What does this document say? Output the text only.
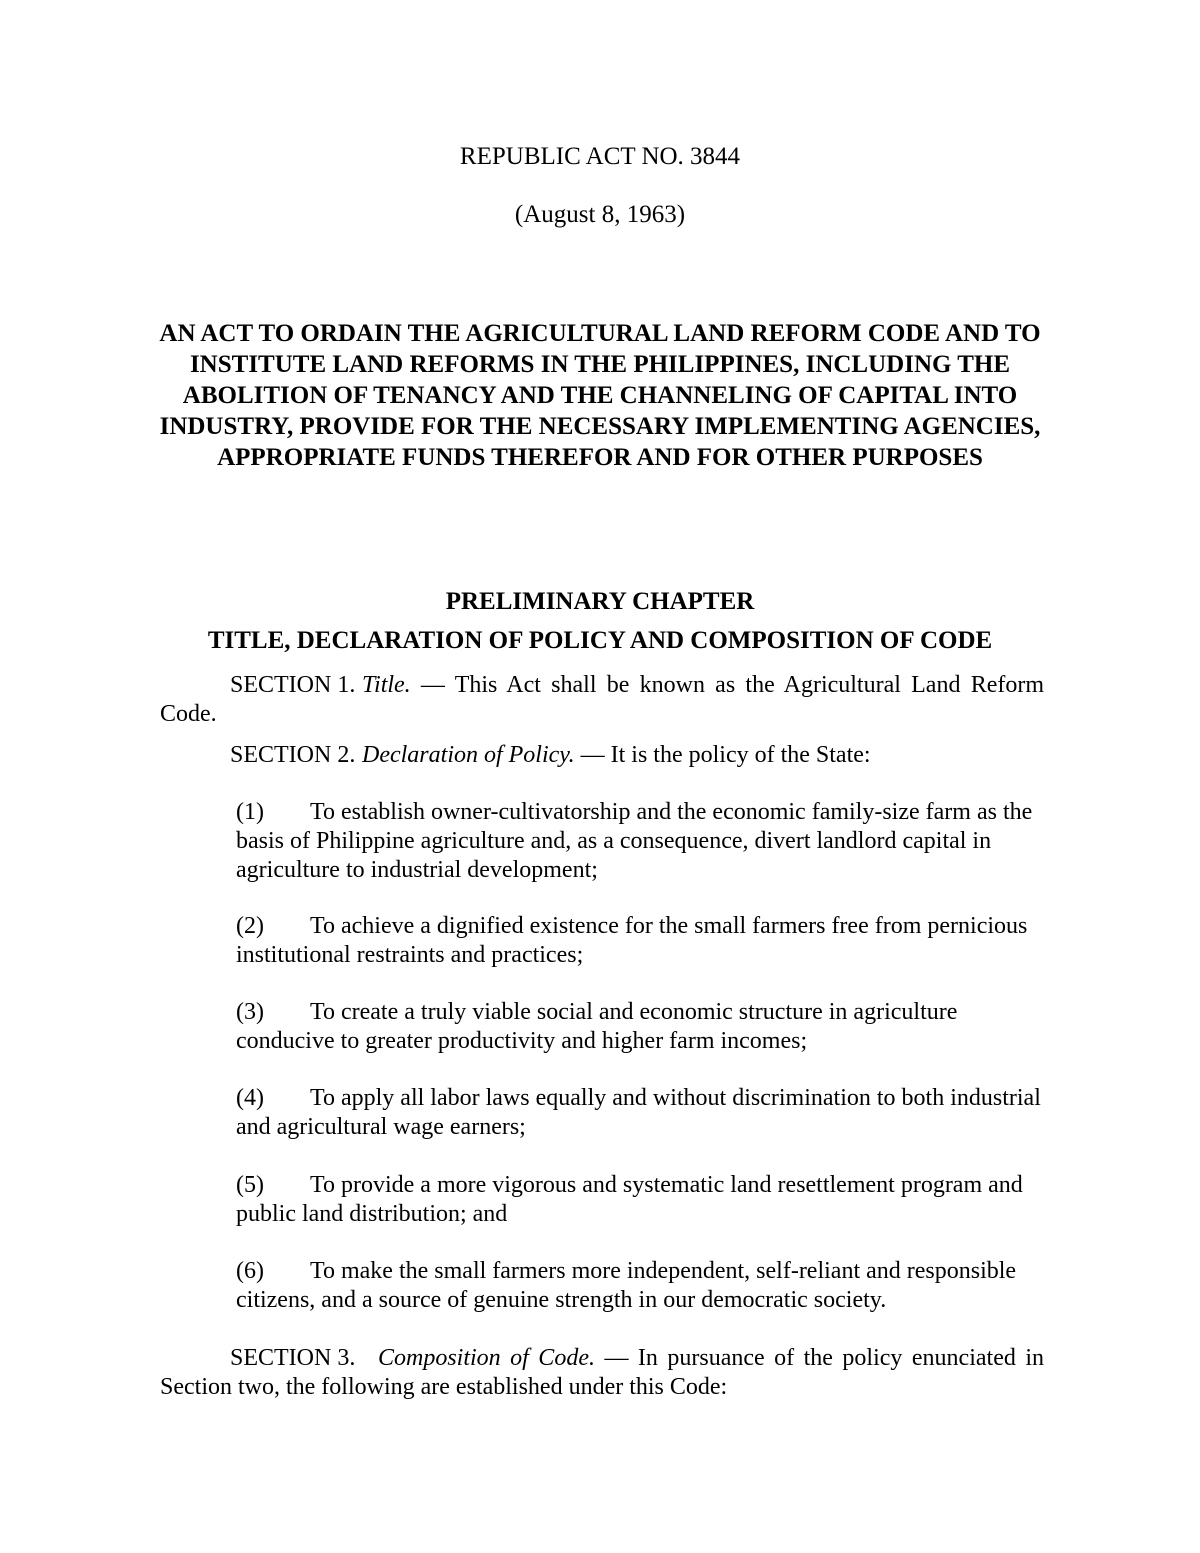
REPUBLIC ACT NO. 3844
(August 8, 1963)
AN ACT TO ORDAIN THE AGRICULTURAL LAND REFORM CODE AND TO INSTITUTE LAND REFORMS IN THE PHILIPPINES, INCLUDING THE ABOLITION OF TENANCY AND THE CHANNELING OF CAPITAL INTO INDUSTRY, PROVIDE FOR THE NECESSARY IMPLEMENTING AGENCIES, APPROPRIATE FUNDS THEREFOR AND FOR OTHER PURPOSES
PRELIMINARY CHAPTER
TITLE, DECLARATION OF POLICY AND COMPOSITION OF CODE
SECTION 1. Title. — This Act shall be known as the Agricultural Land Reform Code.
SECTION 2. Declaration of Policy. — It is the policy of the State:
(1) To establish owner-cultivatorship and the economic family-size farm as the basis of Philippine agriculture and, as a consequence, divert landlord capital in agriculture to industrial development;
(2) To achieve a dignified existence for the small farmers free from pernicious institutional restraints and practices;
(3) To create a truly viable social and economic structure in agriculture conducive to greater productivity and higher farm incomes;
(4) To apply all labor laws equally and without discrimination to both industrial and agricultural wage earners;
(5) To provide a more vigorous and systematic land resettlement program and public land distribution; and
(6) To make the small farmers more independent, self-reliant and responsible citizens, and a source of genuine strength in our democratic society.
SECTION 3. Composition of Code. — In pursuance of the policy enunciated in Section two, the following are established under this Code:
